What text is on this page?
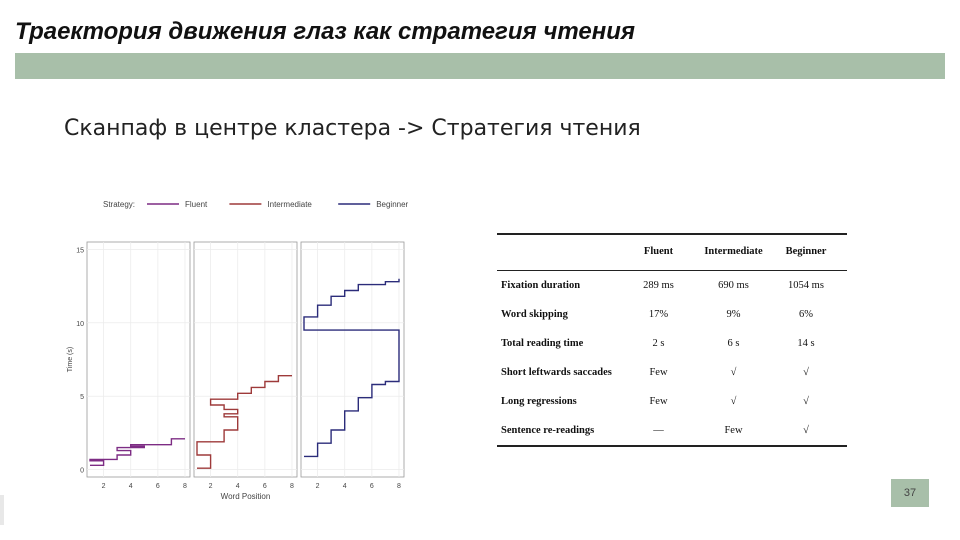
Траектория движения глаз как стратегия чтения
Сканпаф в центре кластера -> Стратегия чтения
Strategy:	Fluent	Intermediate	Beginner
2	4	6	8	2	4	6	8	2	4	6	8
0
5
10
15
Word Position
Time (s)
Fluent	Intermediate	Beginner
Fixation duration	289 ms	690 ms	1054 ms
Word skipping	17%	9%	6%
Total reading time	2 s	6 s	14 s
Short leftwards saccades	Few	√	√
Long regressions	Few	√	√
Sentence re-readings	—	Few	√
37
